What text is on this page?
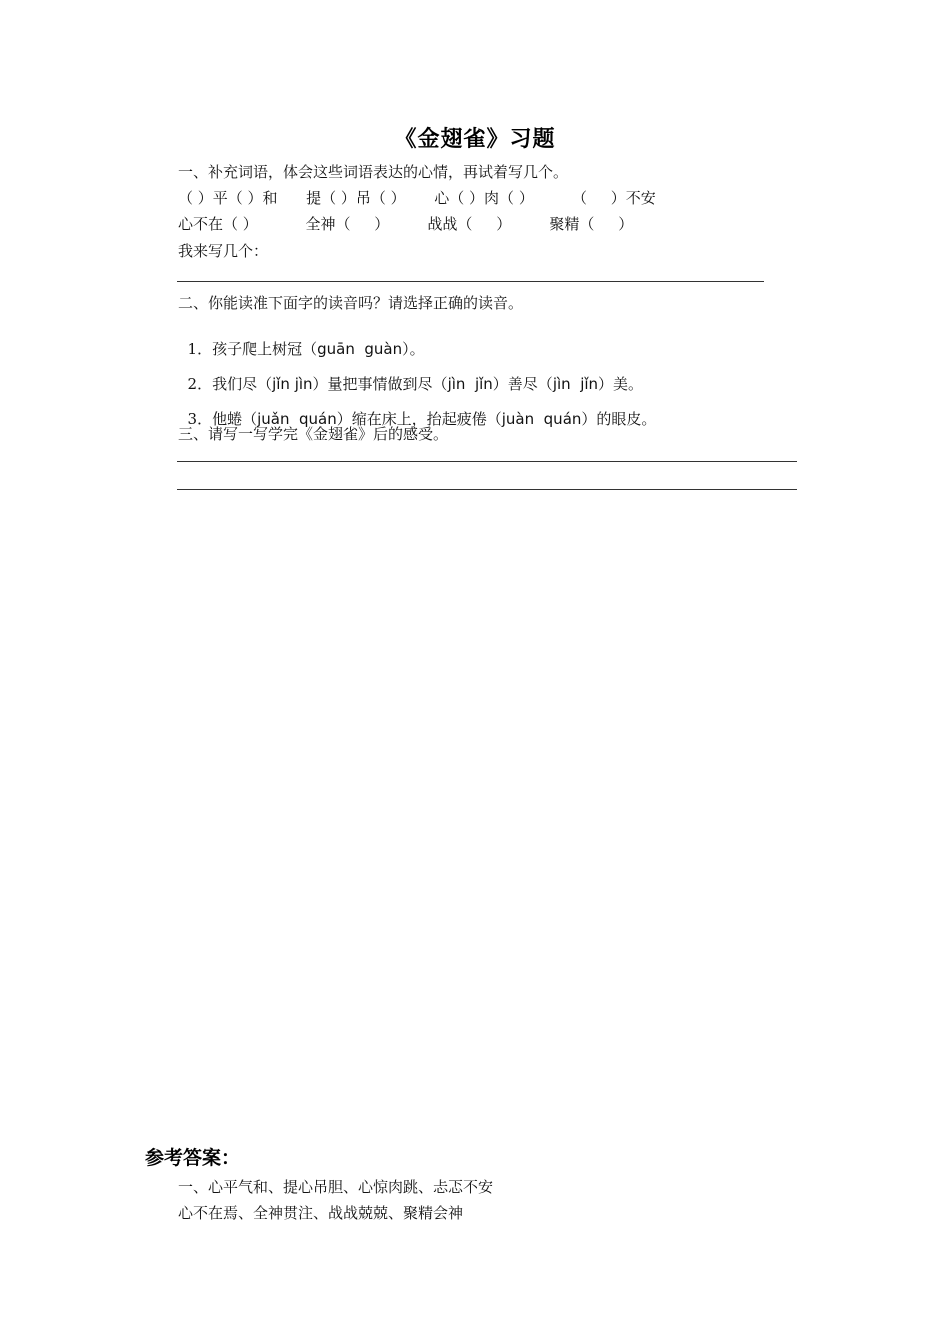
《金翅雀》习题
一、补充词语，体会这些词语表达的心情，再试着写几个。
（ ）平（ ）和      提（ ）吊（ ）      心（ ）肉（ ）        （     ）不安
心不在（ ）          全神（     ）        战战（     ）        聚精（     ）
我来写几个：
二、你能读准下面字的读音吗？请选择正确的读音。

1．孩子爬上树冠（guān  guàn）。

2．我们尽（jǐn jìn）量把事情做到尽（jìn  jǐn）善尽（jìn  jǐn）美。

3．他蜷（juǎn  quán）缩在床上，抬起疲倦（juàn  quán）的眼皮。

三、请写一写学完《金翅雀》后的感受。
参考答案：
一、心平气和、提心吊胆、心惊肉跳、忐忑不安
心不在焉、全神贯注、战战兢兢、聚精会神
